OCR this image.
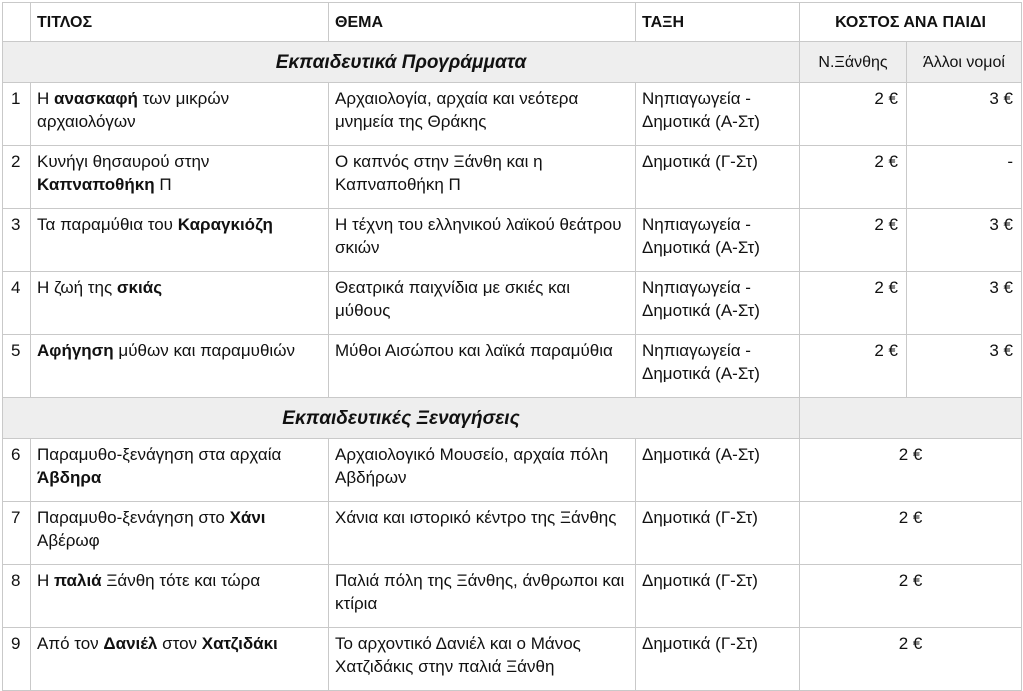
	ΤΙΤΛΟΣ	ΘΕΜΑ	ΤΑΞΗ	ΚΟΣΤΟΣ ΑΝΑ ΠΑΙΔΙ	
Εκπαιδευτικά Προγράμματα				Ν.Ξάνθης	Άλλοι νομοί
1	Η ανασκαφή των μικρών αρχαιολόγων	Αρχαιολογία, αρχαία και νεότερα μνημεία της Θράκης	Νηπιαγωγεία - Δημοτικά (Α-Στ)	2 €	3 €
2	Κυνήγι θησαυρού στην Καπναποθήκη Π	Ο καπνός στην Ξάνθη και η Καπναποθήκη Π	Δημοτικά (Γ-Στ)	2 €	-
3	Τα παραμύθια του Καραγκιόζη	Η τέχνη του ελληνικού λαϊκού θεάτρου σκιών	Νηπιαγωγεία - Δημοτικά (Α-Στ)	2 €	3 €
4	Η ζωή της σκιάς	Θεατρικά παιχνίδια με σκιές και μύθους	Νηπιαγωγεία - Δημοτικά (Α-Στ)	2 €	3 €
5	Αφήγηση μύθων και παραμυθιών	Μύθοι Αισώπου και λαϊκά παραμύθια	Νηπιαγωγεία - Δημοτικά (Α-Στ)	2 €	3 €
Εκπαιδευτικές Ξεναγήσεις					
6	Παραμυθο-ξενάγηση στα αρχαία Άβδηρα	Αρχαιολογικό Μουσείο, αρχαία πόλη Αβδήρων	Δημοτικά (Α-Στ)	2 €	
7	Παραμυθο-ξενάγηση στο Χάνι Αβέρωφ	Χάνια και ιστορικό κέντρο της Ξάνθης	Δημοτικά (Γ-Στ)	2 €	
8	Η παλιά Ξάνθη τότε και τώρα	Παλιά πόλη της Ξάνθης, άνθρωποι και κτίρια	Δημοτικά (Γ-Στ)	2 €	
9	Από τον Δανιέλ στον Χατζιδάκι	Το αρχοντικό Δανιέλ και ο Μάνος Χατζιδάκις στην παλιά Ξάνθη	Δημοτικά (Γ-Στ)	2 €	
